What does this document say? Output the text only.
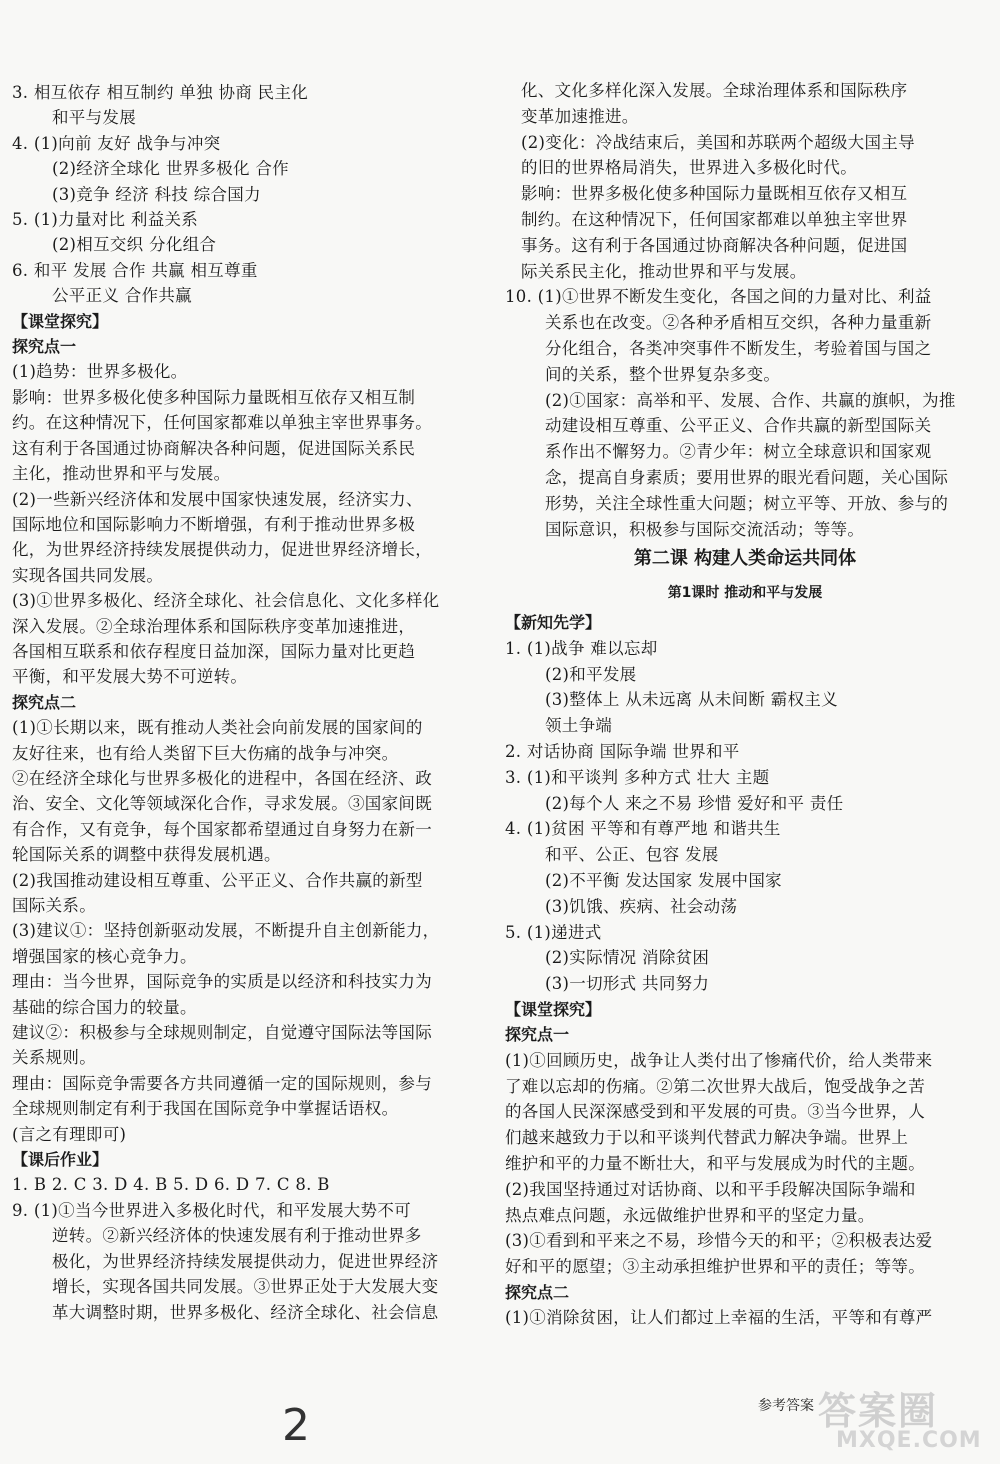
3. 相互依存 相互制约 单独 协商 民主化
和平与发展
4. (1)向前 友好 战争与冲突
(2)经济全球化 世界多极化 合作
(3)竞争 经济 科技 综合国力
5. (1)力量对比 利益关系
(2)相互交织 分化组合
6. 和平 发展 合作 共赢 相互尊重
公平正义 合作共赢
【课堂探究】
探究点一
(1)趋势：世界多极化。
影响：世界多极化使多种国际力量既相互依存又相互制
约。在这种情况下，任何国家都难以单独主宰世界事务。
这有利于各国通过协商解决各种问题，促进国际关系民
主化，推动世界和平与发展。
(2)一些新兴经济体和发展中国家快速发展，经济实力、
国际地位和国际影响力不断增强，有利于推动世界多极
化，为世界经济持续发展提供动力，促进世界经济增长，
实现各国共同发展。
(3)①世界多极化、经济全球化、社会信息化、文化多样化
深入发展。②全球治理体系和国际秩序变革加速推进，
各国相互联系和依存程度日益加深，国际力量对比更趋
平衡，和平发展大势不可逆转。
探究点二
(1)①长期以来，既有推动人类社会向前发展的国家间的
友好往来，也有给人类留下巨大伤痛的战争与冲突。
②在经济全球化与世界多极化的进程中，各国在经济、政
治、安全、文化等领域深化合作，寻求发展。③国家间既
有合作，又有竞争，每个国家都希望通过自身努力在新一
轮国际关系的调整中获得发展机遇。
(2)我国推动建设相互尊重、公平正义、合作共赢的新型
国际关系。
(3)建议①：坚持创新驱动发展，不断提升自主创新能力，
增强国家的核心竞争力。
理由：当今世界，国际竞争的实质是以经济和科技实力为
基础的综合国力的较量。
建议②：积极参与全球规则制定，自觉遵守国际法等国际
关系规则。
理由：国际竞争需要各方共同遵循一定的国际规则，参与
全球规则制定有利于我国在国际竞争中掌握话语权。
(言之有理即可)
【课后作业】
1. B 2. C 3. D 4. B 5. D 6. D 7. C 8. B
9. (1)①当今世界进入多极化时代，和平发展大势不可
逆转。②新兴经济体的快速发展有利于推动世界多
极化，为世界经济持续发展提供动力，促进世界经济
增长，实现各国共同发展。③世界正处于大发展大变
革大调整时期，世界多极化、经济全球化、社会信息
化、文化多样化深入发展。全球治理体系和国际秩序
变革加速推进。
(2)变化：冷战结束后，美国和苏联两个超级大国主导
的旧的世界格局消失，世界进入多极化时代。
影响：世界多极化使多种国际力量既相互依存又相互
制约。在这种情况下，任何国家都难以单独主宰世界
事务。这有利于各国通过协商解决各种问题，促进国
际关系民主化，推动世界和平与发展。
10. (1)①世界不断发生变化，各国之间的力量对比、利益
关系也在改变。②各种矛盾相互交织，各种力量重新
分化组合，各类冲突事件不断发生，考验着国与国之
间的关系，整个世界复杂多变。
(2)①国家：高举和平、发展、合作、共赢的旗帜，为推
动建设相互尊重、公平正义、合作共赢的新型国际关
系作出不懈努力。②青少年：树立全球意识和国家观
念，提高自身素质；要用世界的眼光看问题，关心国际
形势，关注全球性重大问题；树立平等、开放、参与的
国际意识，积极参与国际交流活动；等等。
第二课 构建人类命运共同体
第1课时 推动和平与发展
【新知先学】
1. (1)战争 难以忘却
(2)和平发展
(3)整体上 从未远离 从未间断 霸权主义
领土争端
2. 对话协商 国际争端 世界和平
3. (1)和平谈判 多种方式 壮大 主题
(2)每个人 来之不易 珍惜 爱好和平 责任
4. (1)贫困 平等和有尊严地 和谐共生
和平、公正、包容 发展
(2)不平衡 发达国家 发展中国家
(3)饥饿、疾病、社会动荡
5. (1)递进式
(2)实际情况 消除贫困
(3)一切形式 共同努力
【课堂探究】
探究点一
(1)①回顾历史，战争让人类付出了惨痛代价，给人类带来
了难以忘却的伤痛。②第二次世界大战后，饱受战争之苦
的各国人民深深感受到和平发展的可贵。③当今世界，人
们越来越致力于以和平谈判代替武力解决争端。世界上
维护和平的力量不断壮大，和平与发展成为时代的主题。
(2)我国坚持通过对话协商、以和平手段解决国际争端和
热点难点问题，永远做维护世界和平的坚定力量。
(3)①看到和平来之不易，珍惜今天的和平；②积极表达爱
好和平的愿望；③主动承担维护世界和平的责任；等等。
探究点二
(1)①消除贫困，让人们都过上幸福的生活，平等和有尊严
参考答案 答案圈
MXQE.COM
2
